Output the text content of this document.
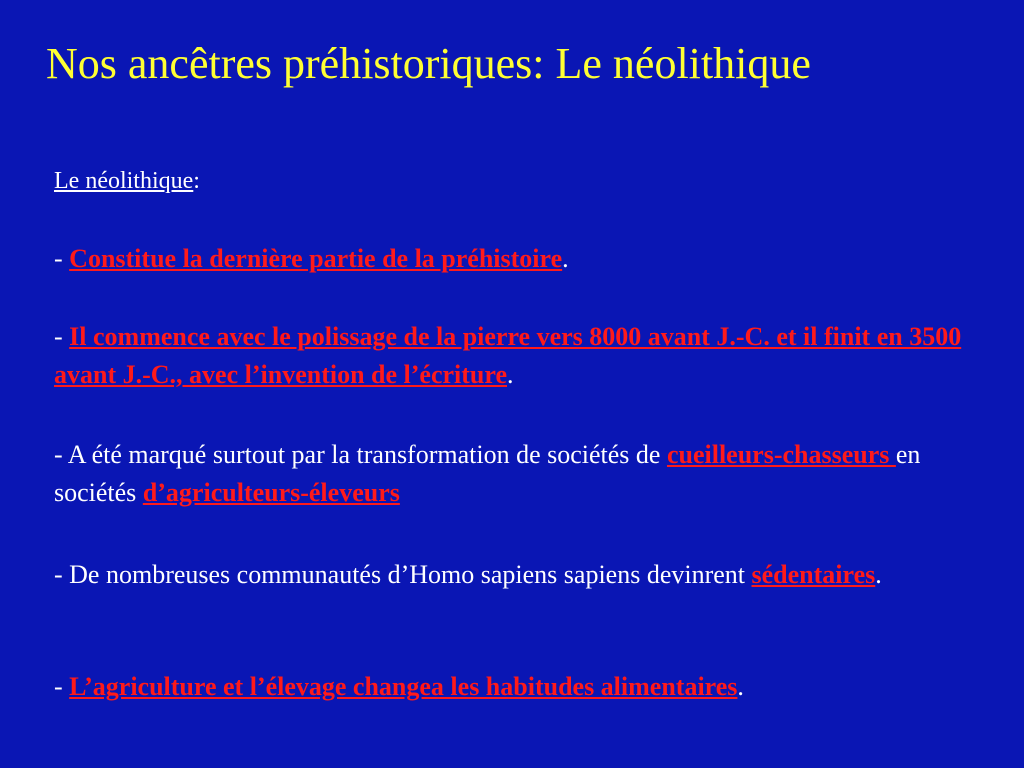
Nos ancêtres préhistoriques: Le néolithique
Le néolithique:
- Constitue la dernière partie de la préhistoire.
- Il commence avec le polissage de la pierre vers 8000 avant J.-C. et il finit en 3500 avant J.-C., avec l’invention de l’écriture.
- A été marqué surtout par la transformation de sociétés de cueilleurs-chasseurs en sociétés d’agriculteurs-éleveurs
- De nombreuses communautés d’Homo sapiens sapiens devinrent sédentaires.
- L’agriculture et l’élevage changea les habitudes alimentaires.
